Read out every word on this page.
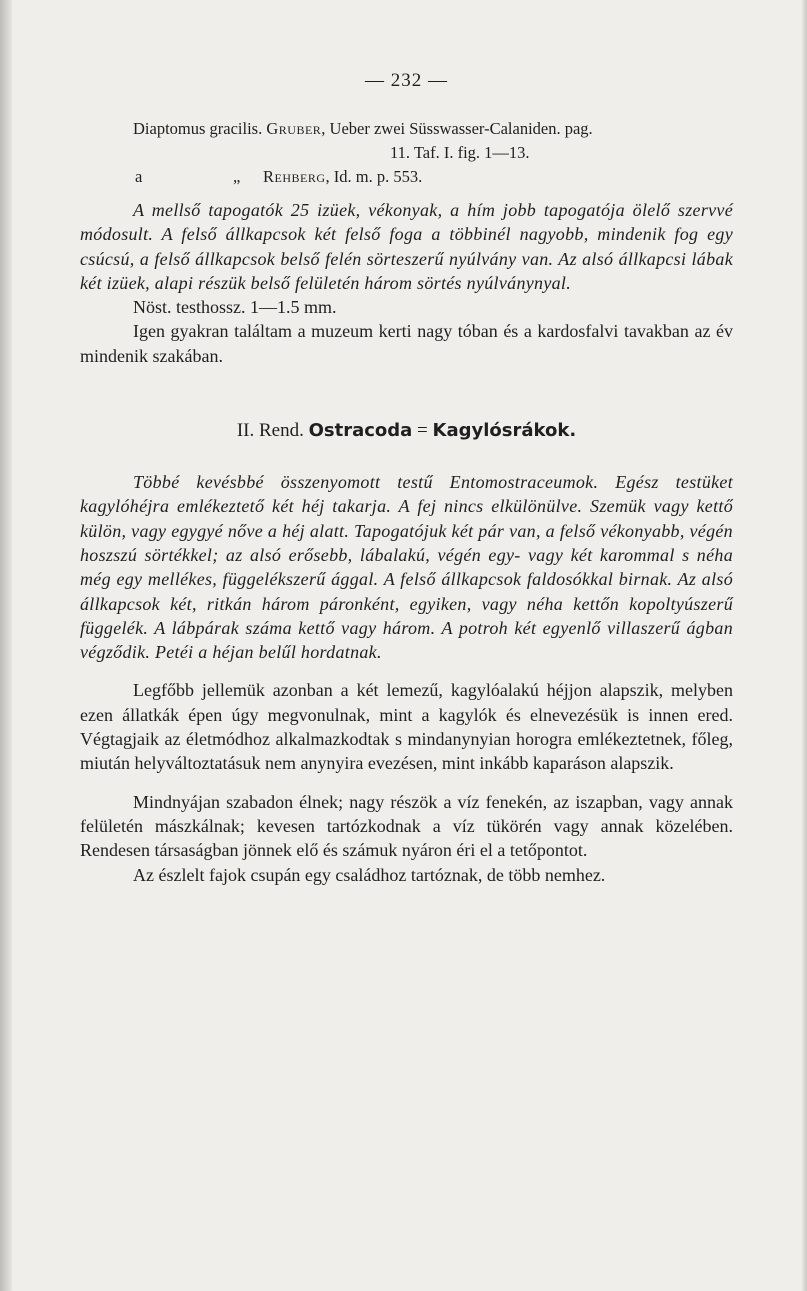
— 232 —
Diaptomus gracilis. Gruber, Ueber zwei Süsswasser-Calaniden. pag.
11. Taf. I. fig. 1—13.
a	„ Rehberg, Id. m. p. 553.

A mellső tapogatók 25 izüek, vékonyak, a hím jobb tapogatója ölelő szervvé módosult. A felső állkapcsok két felső foga a többinél nagyobb, mindenik fog egy csúcsú, a felső állkapcsok belső felén sörteszerű nyúlvány van. Az alsó állkapcsi lábak két izüek, alapi részük belső felületén három sörtés nyúlványnyal.

Nöst. testhossz. 1—1.5 mm.

Igen gyakran találtam a muzeum kerti nagy tóban és a kardosfalvi tavakban az év mindenik szakában.

II. Rend. Ostracoda = Kagylósrákok.

Többé kevésbbé összenyomott testű Entomostraceumok. Egész testüket kagylóhéjra emlékeztető két héj takarja. A fej nincs elkülönülve. Szemük vagy kettő külön, vagy egygyé nőve a héj alatt. Tapogatójuk két pár van, a felső vékonyabb, végén hoszszú sörtékkel; az alsó erősebb, lábalakú, végén egy- vagy két karommal s néha még egy mellékes, függelékszerű ággal. A felső állkapcsok faldosókkal birnak. Az alsó állkapcsok két, ritkán három páronként, egyiken, vagy néha kettőn kopoltyúszerű függelék. A lábpárak száma kettő vagy három. A potroh két egyenlő villaszerű ágban végződik. Petéi a héjan belűl hordatnak.

Legfőbb jellemük azonban a két lemezű, kagylóalakú héjjon alapszik, melyben ezen állatkák épen úgy megvonulnak, mint a kagylók és elnevezésük is innen ered. Végtagjaik az életmódhoz alkalmazkodtak s mindanynyian horogra emlékeztetnek, főleg, miután helyváltoztatásuk nem anynyira evezésen, mint inkább kaparáson alapszik.

Mindnyájan szabadon élnek; nagy részök a víz fenekén, az iszapban, vagy annak felületén mászkálnak; kevesen tartózkodnak a víz tükörén vagy annak közelében. Rendesen társaságban jönnek elő és számuk nyáron éri el a tetőpontot.

Az észlelt fajok csupán egy családhoz tartóznak, de több nemhez.
